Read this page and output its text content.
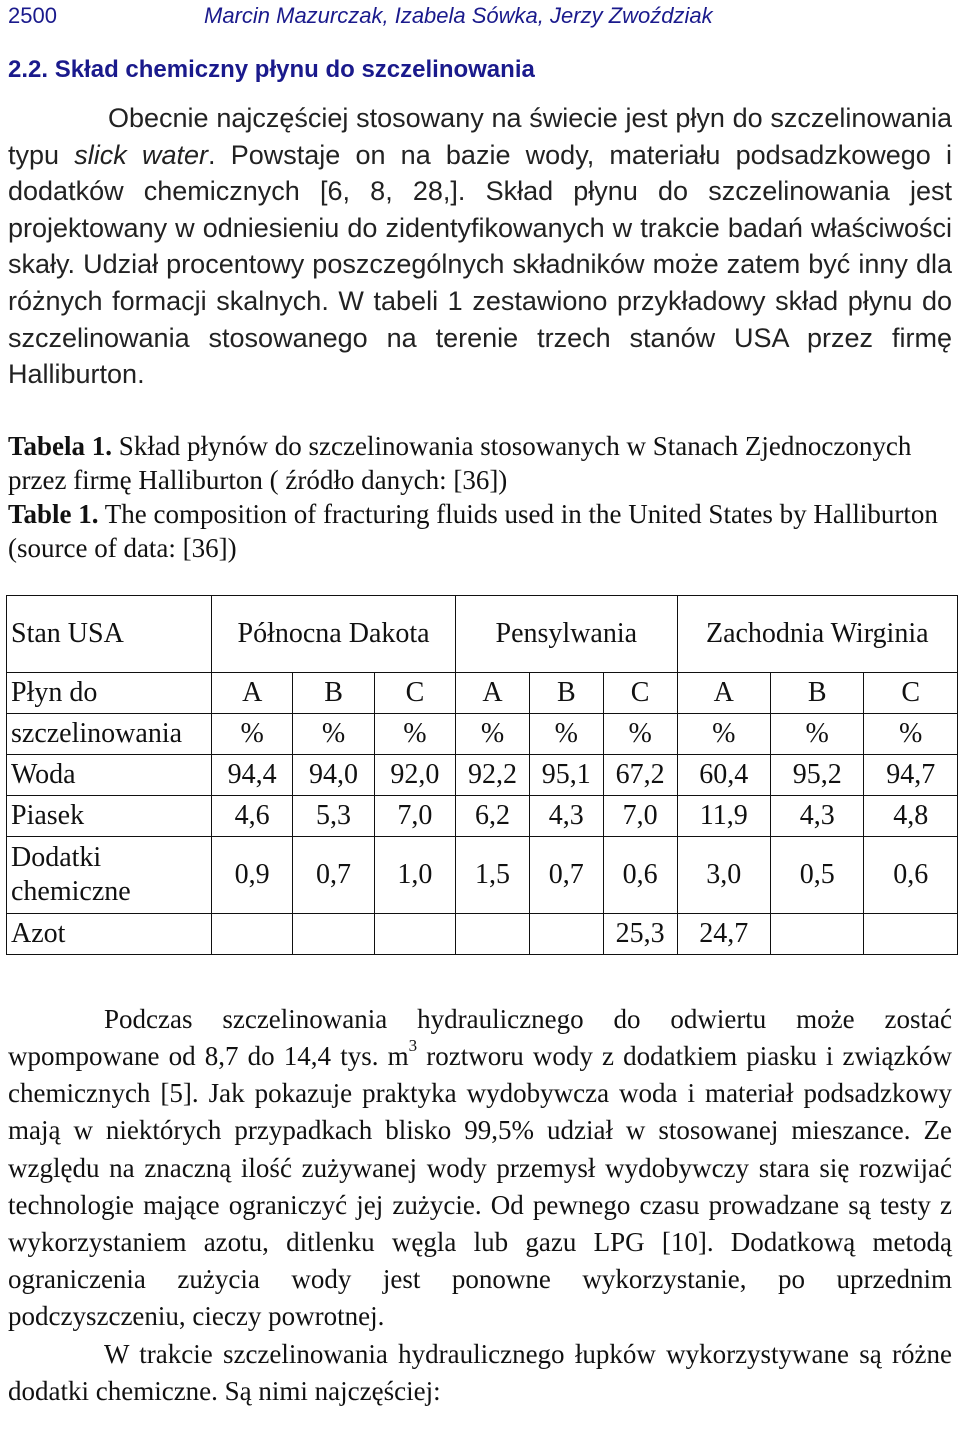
2500	Marcin Mazurczak, Izabela Sówka, Jerzy Zwoździak
2.2. Skład chemiczny płynu do szczelinowania
Obecnie najczęściej stosowany na świecie jest płyn do szczelinowania typu slick water. Powstaje on na bazie wody, materiału podsadzkowego i dodatków chemicznych [6, 8, 28,]. Skład płynu do szczelinowania jest projektowany w odniesieniu do zidentyfikowanych w trakcie badań właściwości skały. Udział procentowy poszczególnych składników może zatem być inny dla różnych formacji skalnych. W tabeli 1 zestawiono przykładowy skład płynu do szczelinowania stosowanego na terenie trzech stanów USA przez firmę Halliburton.
Tabela 1. Skład płynów do szczelinowania stosowanych w Stanach Zjednoczonych przez firmę Halliburton ( źródło danych: [36])
Table 1. The composition of fracturing fluids used in the United States by Halliburton (source of data: [36])
Stan USA	Północna Dakota			Pensylwania			Zachodnia Wirginia		
Płyn do	A	B	C	A	B	C	A	B	C
szczelinowania	%	%	%	%	%	%	%	%	%
Woda	94,4	94,0	92,0	92,2	95,1	67,2	60,4	95,2	94,7
Piasek	4,6	5,3	7,0	6,2	4,3	7,0	11,9	4,3	4,8
Dodatki
chemiczne	0,9	0,7	1,0	1,5	0,7	0,6	3,0	0,5	0,6
Azot						25,3	24,7		
Podczas szczelinowania hydraulicznego do odwiertu może zostać wpompowane od 8,7 do 14,4 tys. $m^3$ roztworu wody z dodatkiem piasku i związków chemicznych [5]. Jak pokazuje praktyka wydobywcza woda i materiał podsadzkowy mają w niektórych przypadkach blisko 99,5% udział w stosowanej mieszance. Ze względu na znaczną ilość zużywanej wody przemysł wydobywczy stara się rozwijać technologie mające ograniczyć jej zużycie. Od pewnego czasu prowadzane są testy z wykorzystaniem azotu, ditlenku węgla lub gazu LPG [10]. Dodatkową metodą ograniczenia zużycia wody jest ponowne wykorzystanie, po uprzednim podczyszczeniu, cieczy powrotnej.
W trakcie szczelinowania hydraulicznego łupków wykorzystywane są różne dodatki chemiczne. Są nimi najczęściej:
